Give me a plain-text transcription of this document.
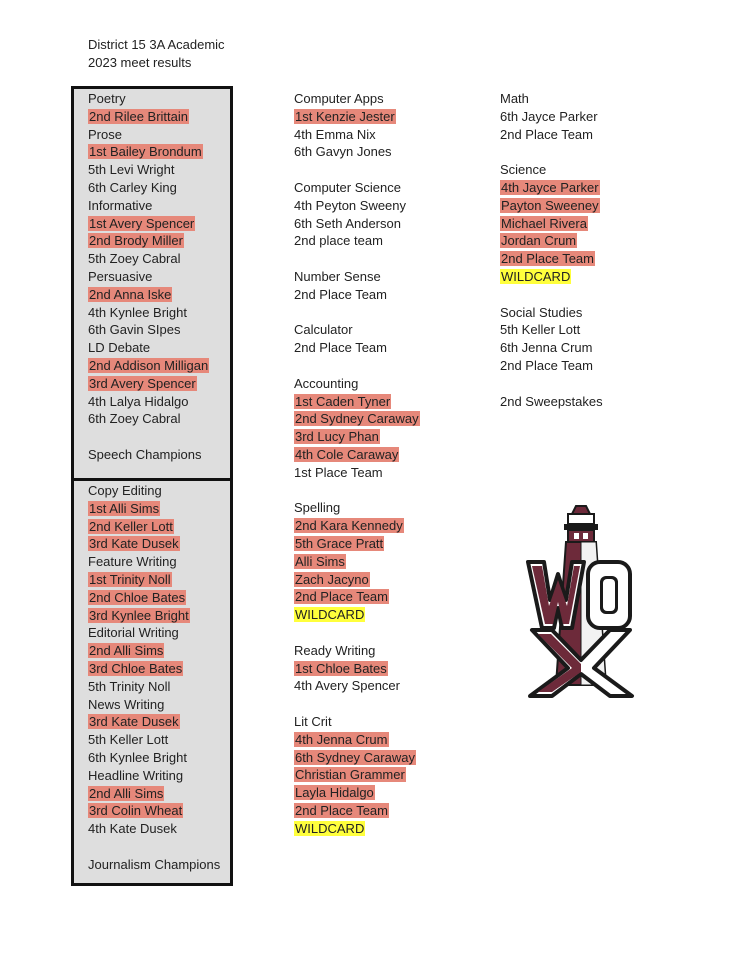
District 15 3A Academic
2023 meet results
Poetry
2nd Rilee Brittain
Prose
1st Bailey Brondum
5th Levi Wright
6th Carley King
Informative
1st Avery Spencer
2nd Brody Miller
5th Zoey Cabral
Persuasive
2nd Anna Iske
4th Kynlee Bright
6th Gavin SIpes
LD Debate
2nd Addison Milligan
3rd Avery Spencer
4th Lalya Hidalgo
6th Zoey Cabral
Speech Champions
Copy Editing
1st Alli Sims
2nd Keller Lott
3rd Kate Dusek
Feature Writing
1st Trinity Noll
2nd Chloe Bates
3rd Kynlee Bright
Editorial Writing
2nd Alli Sims
3rd Chloe Bates
5th Trinity Noll
News Writing
3rd Kate Dusek
5th Keller Lott
6th Kynlee Bright
Headline Writing
2nd Alli Sims
3rd Colin Wheat
4th Kate Dusek
Journalism Champions
Computer Apps
1st Kenzie Jester
4th Emma Nix
6th Gavyn Jones
Computer Science
4th Peyton Sweeny
6th Seth Anderson
2nd place team
Number Sense
2nd Place Team
Calculator
2nd Place Team
Accounting
1st Caden Tyner
2nd Sydney Caraway
3rd Lucy Phan
4th Cole Caraway
1st Place Team
Spelling
2nd Kara Kennedy
5th Grace Pratt
Alli Sims
Zach Jacyno
2nd Place Team
WILDCARD
Ready Writing
1st Chloe Bates
4th Avery Spencer
Lit Crit
4th Jenna Crum
6th Sydney Caraway
Christian Grammer
Layla Hidalgo
2nd Place Team
WILDCARD
Math
6th Jayce Parker
2nd Place Team
Science
4th Jayce Parker
Payton Sweeney
Michael Rivera
Jordan Crum
2nd Place Team
WILDCARD
Social Studies
5th Keller Lott
6th Jenna Crum
2nd Place Team
2nd Sweepstakes
